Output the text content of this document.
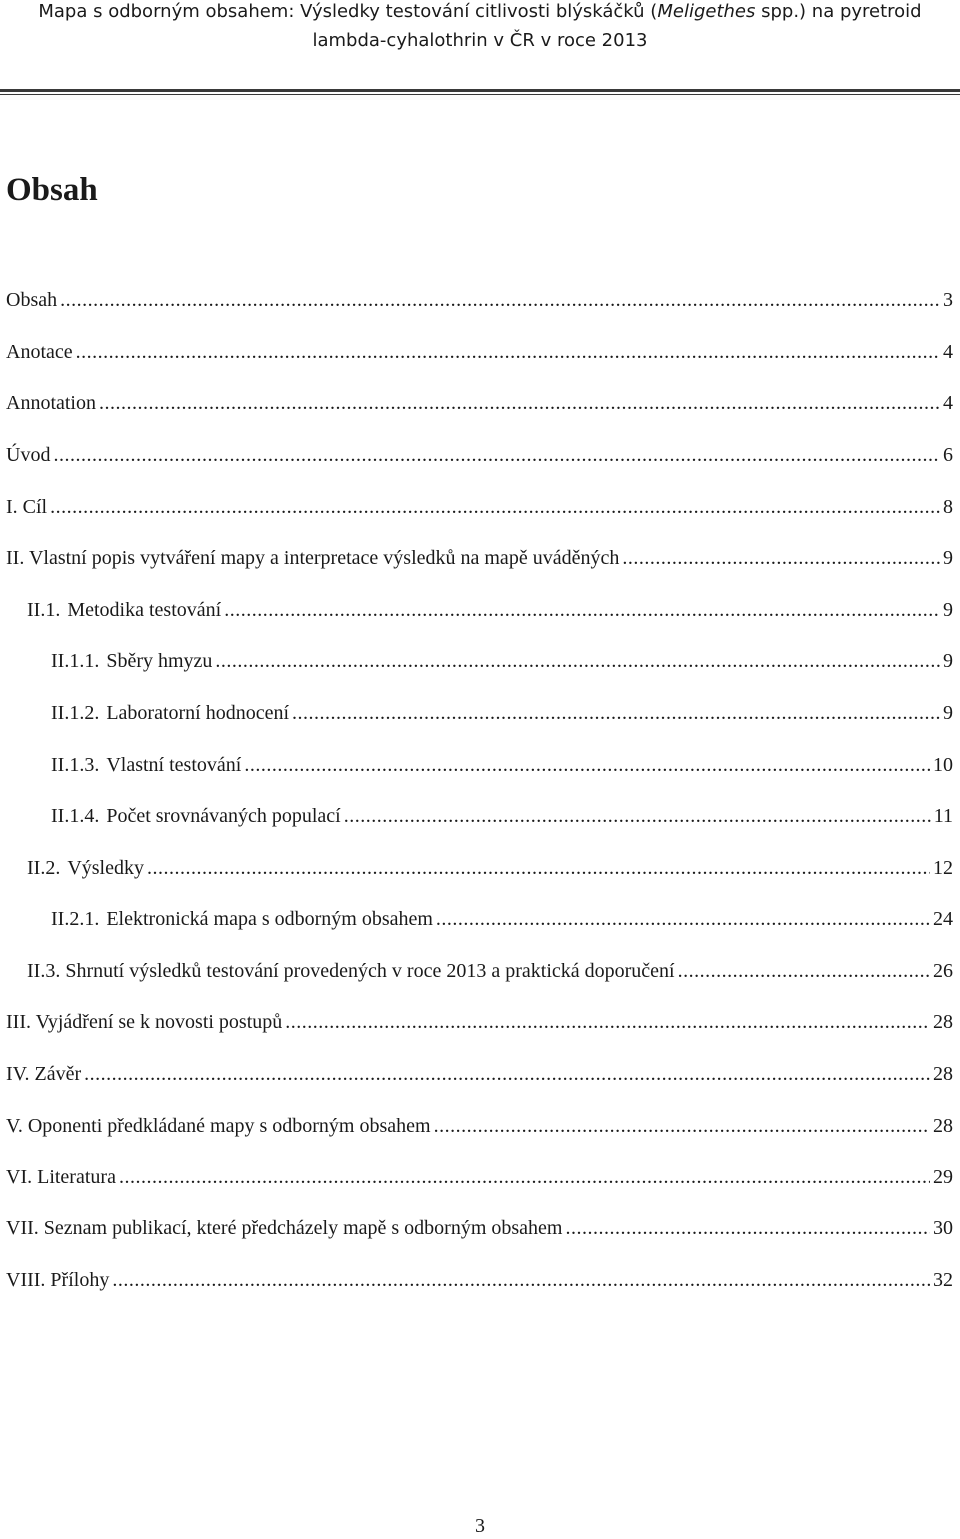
Mapa s odborným obsahem: Výsledky testování citlivosti blýskáčků (Meligethes spp.) na pyretroid
lambda-cyhalothrin v ČR v roce 2013
Obsah
Obsah .....	3
Anotace .....	4
Annotation .....	4
Úvod .....	6
I. Cíl .....	8
II. Vlastní popis vytváření mapy a interpretace výsledků na mapě uváděných .....	9
II.1. Metodika testování .....	9
II.1.1. Sběry hmyzu .....	9
II.1.2. Laboratorní hodnocení .....	9
II.1.3. Vlastní testování .....	10
II.1.4. Počet srovnávaných populací .....	11
II.2. Výsledky .....	12
II.2.1. Elektronická mapa s odborným obsahem .....	24
II.3. Shrnutí výsledků testování provedených v roce 2013 a praktická doporučení .....	26
III. Vyjádření se k novosti postupů .....	28
IV. Závěr .....	28
V. Oponenti předkládané mapy s odborným obsahem .....	28
VI. Literatura .....	29
VII. Seznam publikací, které předcházely mapě s odborným obsahem .....	30
VIII. Přílohy .....	32
3
